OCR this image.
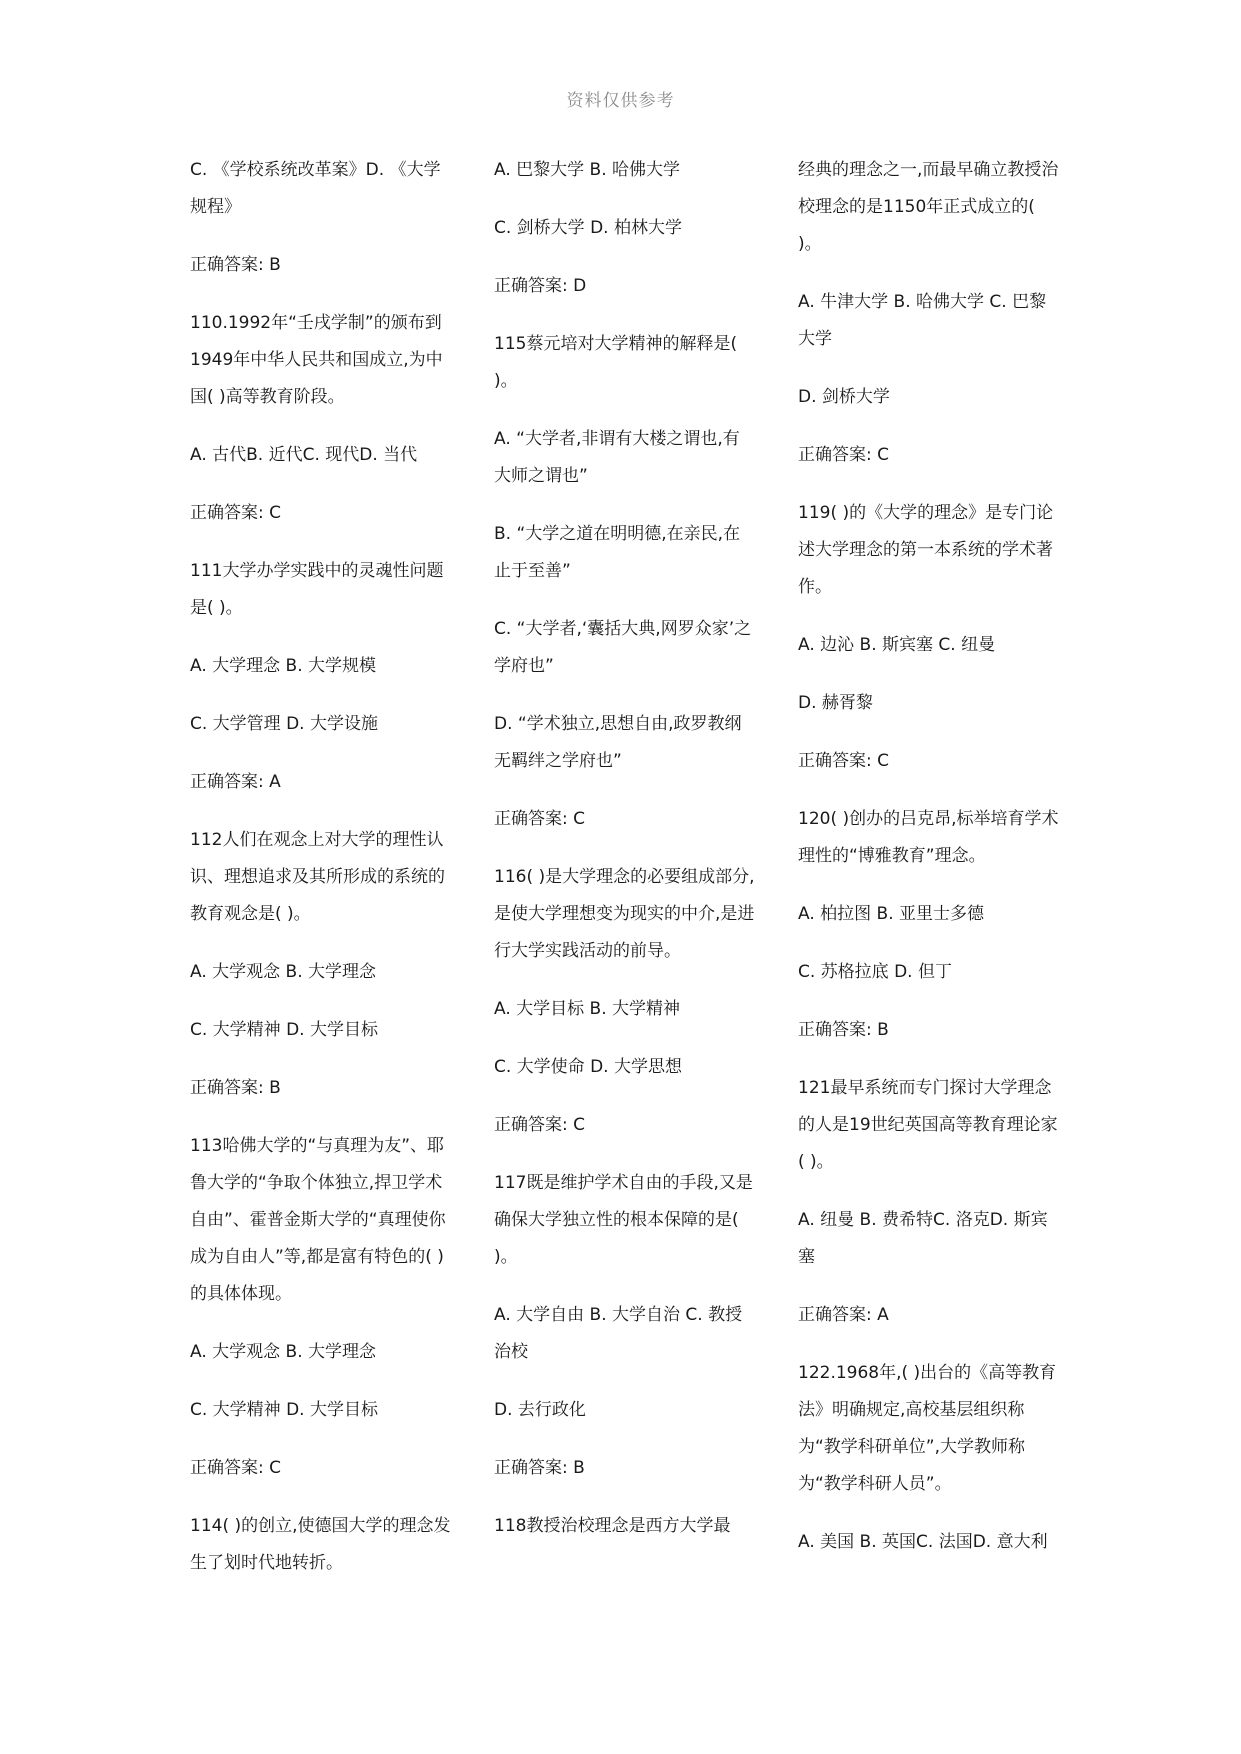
资料仅供参考

C. 《学校系统改革案》D. 《大学规程》

正确答案: B

110.1992年“壬戌学制”的颁布到1949年中华人民共和国成立,为中国( )高等教育阶段。

A. 古代B. 近代C. 现代D. 当代

正确答案: C

111大学办学实践中的灵魂性问题是( )。

A. 大学理念 B. 大学规模

C. 大学管理 D. 大学设施

正确答案: A

112人们在观念上对大学的理性认识、理想追求及其所形成的系统的教育观念是( )。

A. 大学观念 B. 大学理念

C. 大学精神 D. 大学目标

正确答案: B

113哈佛大学的“与真理为友”、耶鲁大学的“争取个体独立,捍卫学术自由”、霍普金斯大学的“真理使你成为自由人”等,都是富有特色的( )的具体体现。

A. 大学观念 B. 大学理念

C. 大学精神 D. 大学目标

正确答案: C

114( )的创立,使德国大学的理念发生了划时代地转折。

A. 巴黎大学 B. 哈佛大学

C. 剑桥大学 D. 柏林大学

正确答案: D

115蔡元培对大学精神的解释是( )。

A. “大学者,非谓有大楼之谓也,有大师之谓也”

B. “大学之道在明明德,在亲民,在止于至善”

C. “大学者,‘囊括大典,网罗众家’之学府也”

D. “学术独立,思想自由,政罗教纲无羁绊之学府也”

正确答案: C

116( )是大学理念的必要组成部分,是使大学理想变为现实的中介,是进行大学实践活动的前导。

A. 大学目标 B. 大学精神

C. 大学使命 D. 大学思想

正确答案: C

117既是维护学术自由的手段,又是确保大学独立性的根本保障的是( )。

A. 大学自由 B. 大学自治 C. 教授治校

D. 去行政化

正确答案: B

118教授治校理念是西方大学最

经典的理念之一,而最早确立教授治校理念的是1150年正式成立的( )。

A. 牛津大学 B. 哈佛大学 C. 巴黎大学

D. 剑桥大学

正确答案: C

119( )的《大学的理念》是专门论述大学理念的第一本系统的学术著作。

A. 边沁 B. 斯宾塞 C. 纽曼

D. 赫胥黎

正确答案: C

120( )创办的吕克昂,标举培育学术理性的“博雅教育”理念。

A. 柏拉图 B. 亚里士多德

C. 苏格拉底 D. 但丁

正确答案: B

121最早系统而专门探讨大学理念的人是19世纪英国高等教育理论家( )。

A. 纽曼 B. 费希特C. 洛克D. 斯宾塞

正确答案: A

122.1968年,( )出台的《高等教育法》明确规定,高校基层组织称为“教学科研单位”,大学教师称为“教学科研人员”。

A. 美国 B. 英国C. 法国D. 意大利
